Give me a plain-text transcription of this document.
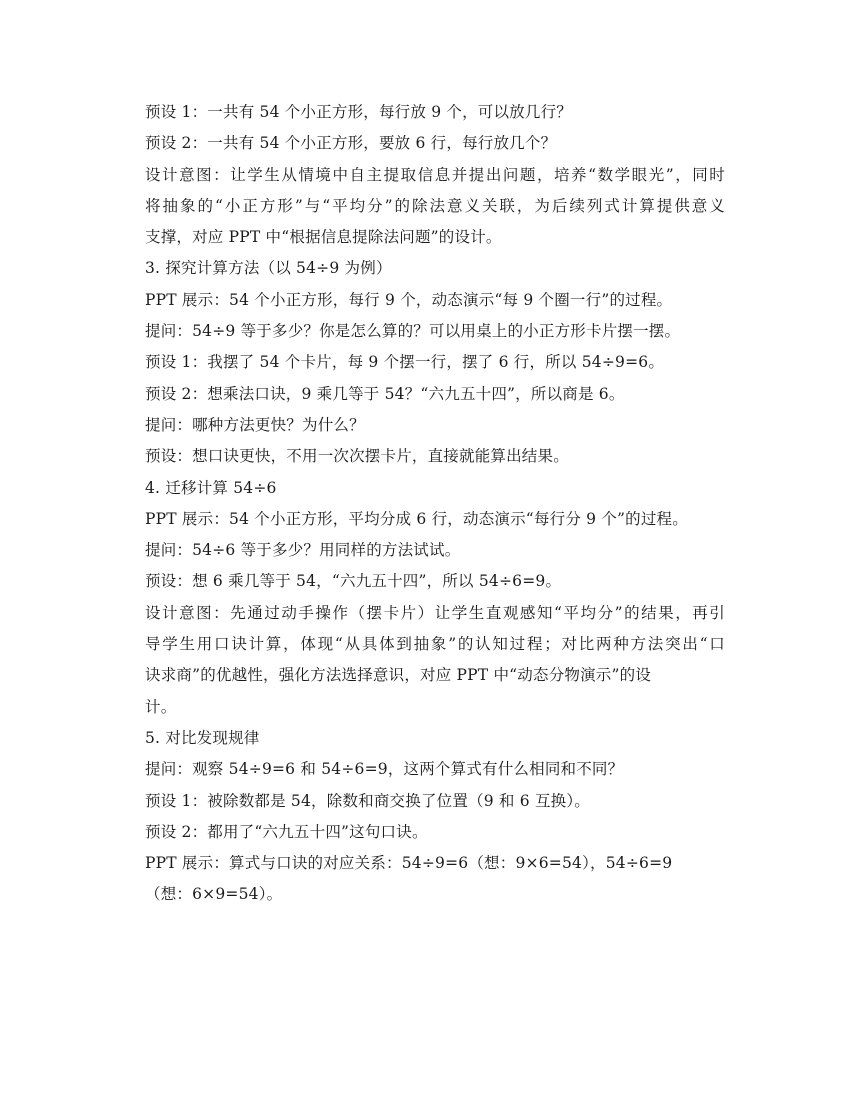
预设 1：一共有 54 个小正方形，每行放 9 个，可以放几行？
预设 2：一共有 54 个小正方形，要放 6 行，每行放几个？
设计意图：让学生从情境中自主提取信息并提出问题，培养“数学眼光”，同时
将抽象的“小正方形”与“平均分”的除法意义关联，为后续列式计算提供意义
支撑，对应 PPT 中“根据信息提除法问题”的设计。
3. 探究计算方法（以 54÷9 为例）
PPT 展示：54 个小正方形，每行 9 个，动态演示“每 9 个圈一行”的过程。
提问：54÷9 等于多少？你是怎么算的？可以用桌上的小正方形卡片摆一摆。
预设 1：我摆了 54 个卡片，每 9 个摆一行，摆了 6 行，所以 54÷9=6。
预设 2：想乘法口诀，9 乘几等于 54？“六九五十四”，所以商是 6。
提问：哪种方法更快？为什么？
预设：想口诀更快，不用一次次摆卡片，直接就能算出结果。
4. 迁移计算 54÷6
PPT 展示：54 个小正方形，平均分成 6 行，动态演示“每行分 9 个”的过程。
提问：54÷6 等于多少？用同样的方法试试。
预设：想 6 乘几等于 54，“六九五十四”，所以 54÷6=9。
设计意图：先通过动手操作（摆卡片）让学生直观感知“平均分”的结果，再引
导学生用口诀计算，体现“从具体到抽象”的认知过程；对比两种方法突出“口
诀求商”的优越性，强化方法选择意识，对应 PPT 中“动态分物演示”的设
计。
5. 对比发现规律
提问：观察 54÷9=6 和 54÷6=9，这两个算式有什么相同和不同？
预设 1：被除数都是 54，除数和商交换了位置（9 和 6 互换）。
预设 2：都用了“六九五十四”这句口诀。
PPT 展示：算式与口诀的对应关系：54÷9=6（想：9×6=54），54÷6=9
（想：6×9=54）。
